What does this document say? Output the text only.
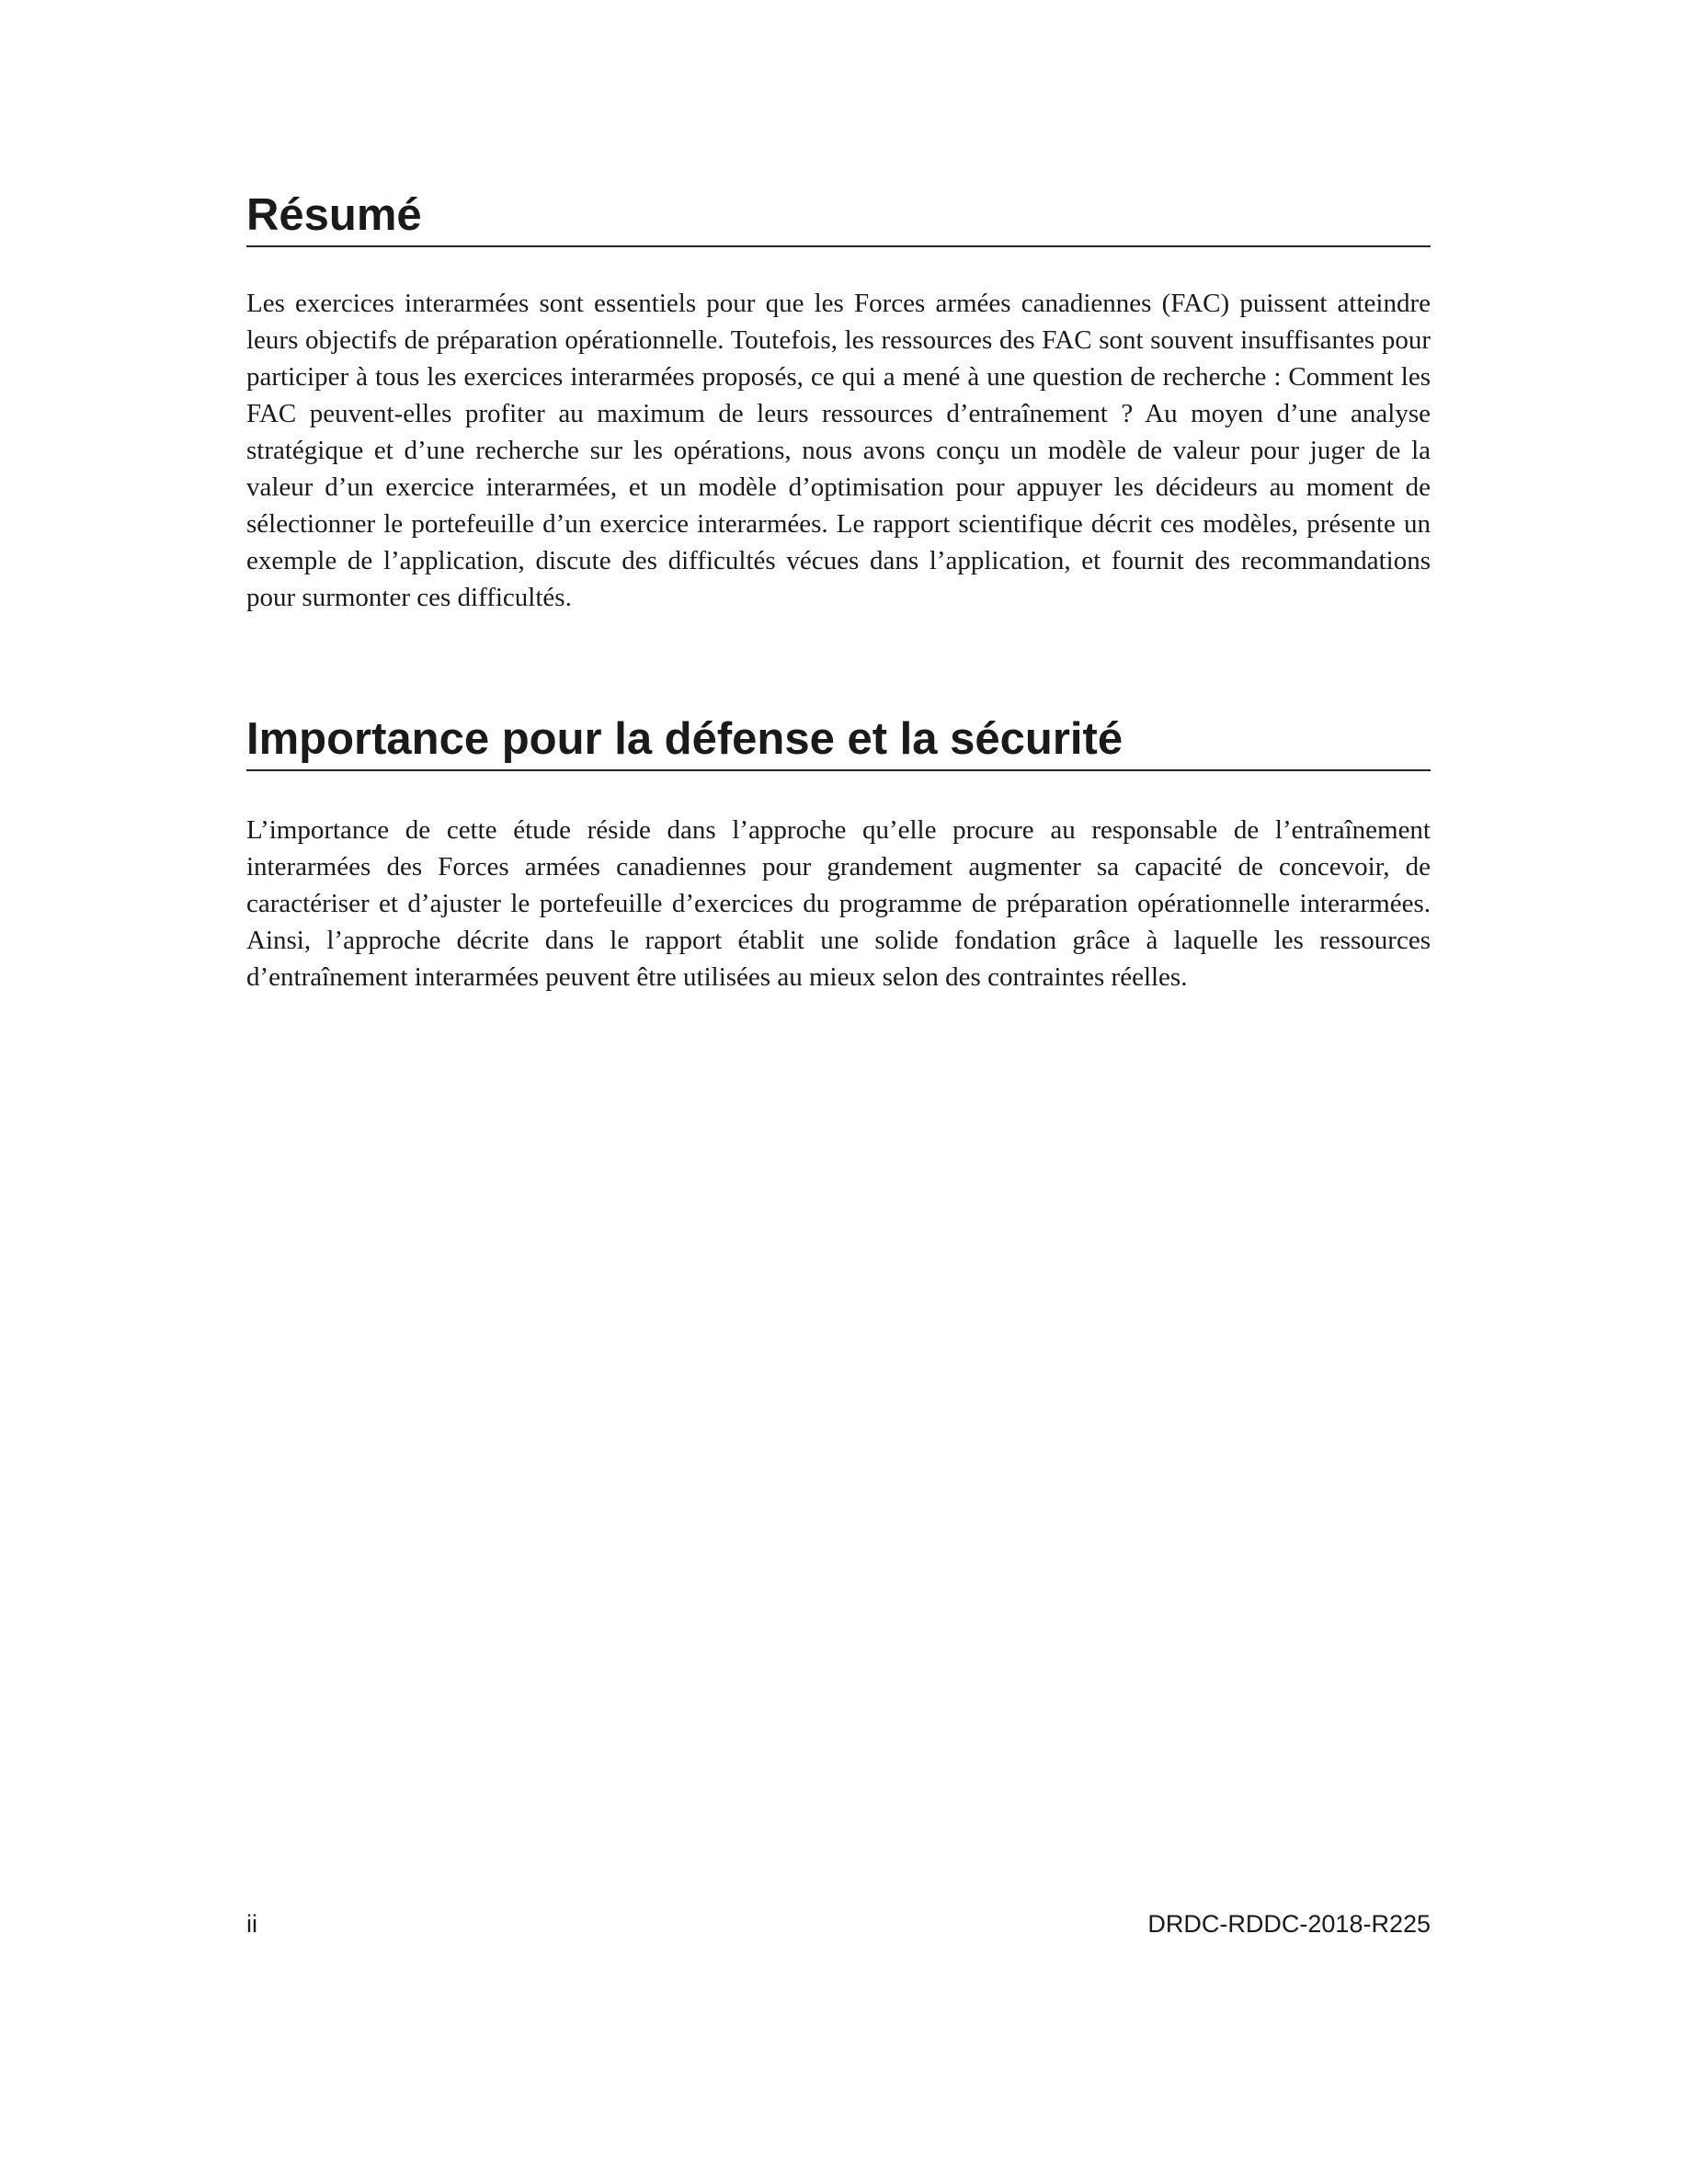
Résumé

Les exercices interarmées sont essentiels pour que les Forces armées canadiennes (FAC) puissent atteindre leurs objectifs de préparation opérationnelle. Toutefois, les ressources des FAC sont souvent insuffisantes pour participer à tous les exercices interarmées proposés, ce qui a mené à une question de recherche : Comment les FAC peuvent-elles profiter au maximum de leurs ressources d’entraînement ? Au moyen d’une analyse stratégique et d’une recherche sur les opérations, nous avons conçu un modèle de valeur pour juger de la valeur d’un exercice interarmées, et un modèle d’optimisation pour appuyer les décideurs au moment de sélectionner le portefeuille d’un exercice interarmées. Le rapport scientifique décrit ces modèles, présente un exemple de l’application, discute des difficultés vécues dans l’application, et fournit des recommandations pour surmonter ces difficultés.

Importance pour la défense et la sécurité

L’importance de cette étude réside dans l’approche qu’elle procure au responsable de l’entraînement interarmées des Forces armées canadiennes pour grandement augmenter sa capacité de concevoir, de caractériser et d’ajuster le portefeuille d’exercices du programme de préparation opérationnelle interarmées. Ainsi, l’approche décrite dans le rapport établit une solide fondation grâce à laquelle les ressources d’entraînement interarmées peuvent être utilisées au mieux selon des contraintes réelles.

ii	DRDC-RDDC-2018-R225
